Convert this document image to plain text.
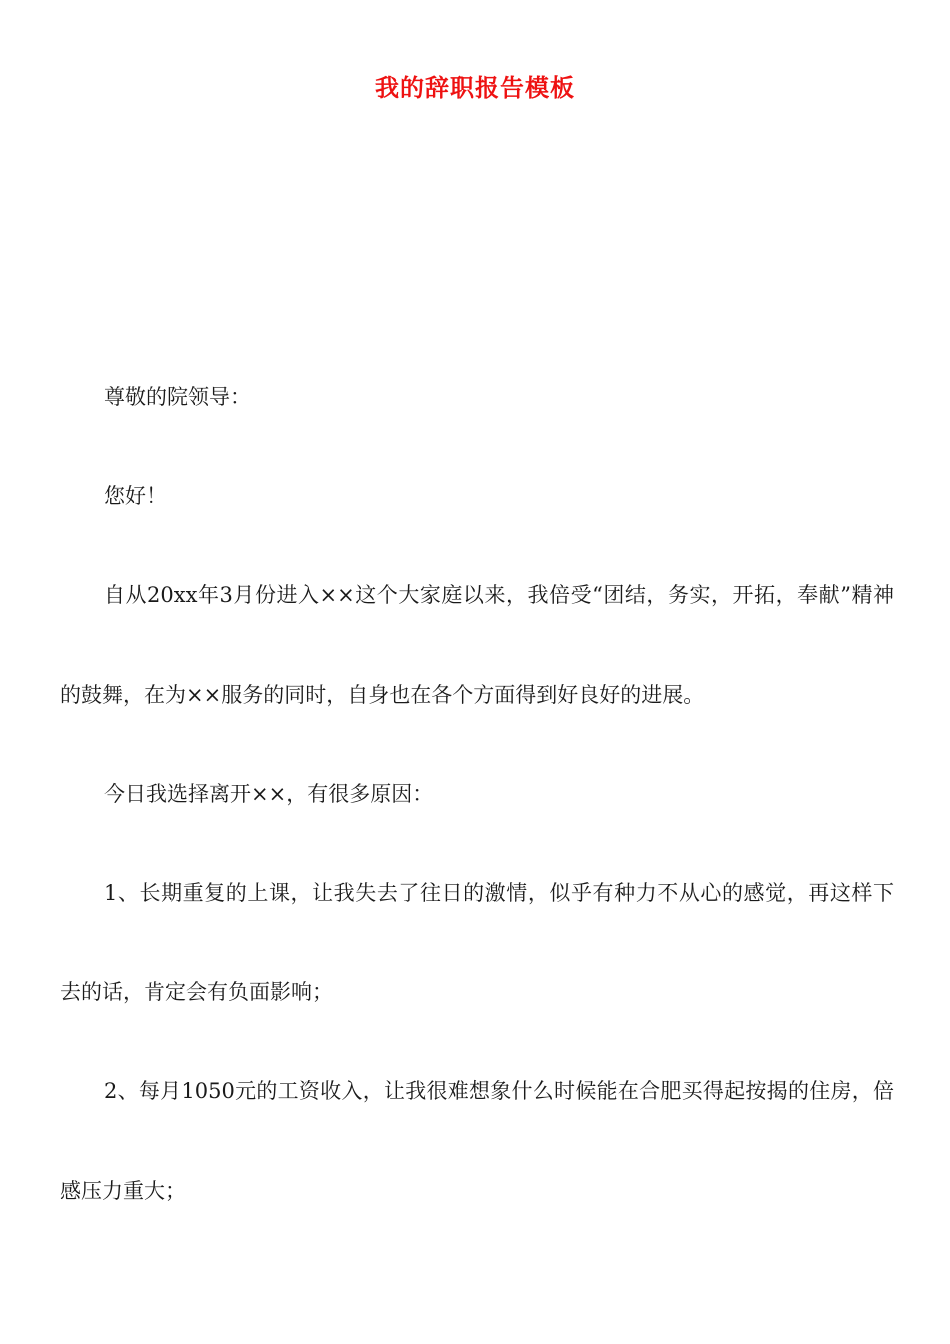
我的辞职报告模板

尊敬的院领导：

您好！

自从20xx年3月份进入××这个大家庭以来，我倍受“团结，务实，开拓，奉献”精神的鼓舞，在为××服务的同时，自身也在各个方面得到好良好的进展。

今日我选择离开××，有很多原因：

1、长期重复的上课，让我失去了往日的激情，似乎有种力不从心的感觉，再这样下去的话，肯定会有负面影响；

2、每月1050元的工资收入，让我很难想象什么时候能在合肥买得起按揭的住房，倍感压力重大；
